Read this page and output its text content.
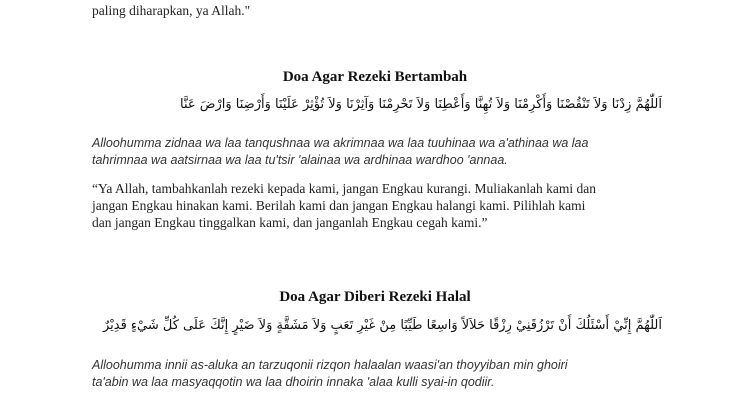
paling diharapkan, ya Allah."
Doa Agar Rezeki Bertambah
اَللّٰهُمَّ زِدْنَا وَلاَ تَنْقُصْنَا وَأَكْرِمْنَا وَلاَ تُهِنَّا وَأَعْطِنَا وَلاَ تَحْرِمْنَا وَآثِرْنَا وَلاَ تُؤْثِرْ عَلَيْنَا وَأَرْضِنَا وَارْضَ عَنَّا
Alloohumma zidnaa wa laa tanqushnaa wa akrimnaa wa laa tuuhinaa wa a'athinaa wa laa
tahrimnaa wa aatsirnaa wa laa tu'tsir 'alainaa wa ardhinaa wardhoo 'annaa.
“Ya Allah, tambahkanlah rezeki kepada kami, jangan Engkau kurangi. Muliakanlah kami dan
jangan Engkau hinakan kami. Berilah kami dan jangan Engkau halangi kami. Pilihlah kami
dan jangan Engkau tinggalkan kami, dan janganlah Engkau cegah kami.”
Doa Agar Diberi Rezeki Halal
اَللّٰهُمَّ إِنِّيْ أَسْئَلُكَ أَنْ تَرْزُقَنِيْ رِزْقًا حَلاَلاً وَاسِعًا طَيِّبًا مِنْ غَيْرِ تَعَبٍ وَلاَ مَشَقَّةٍ وَلاَ ضَيْرٍ إِنَّكَ عَلَى كُلِّ شَيْءٍ قَدِيْرٌ
Alloohumma innii as-aluka an tarzuqonii rizqon halaalan waasi'an thoyyiban min ghoiri
ta'abin wa laa masyaqqotin wa laa dhoirin innaka 'alaa kulli syai-in qodiir.
